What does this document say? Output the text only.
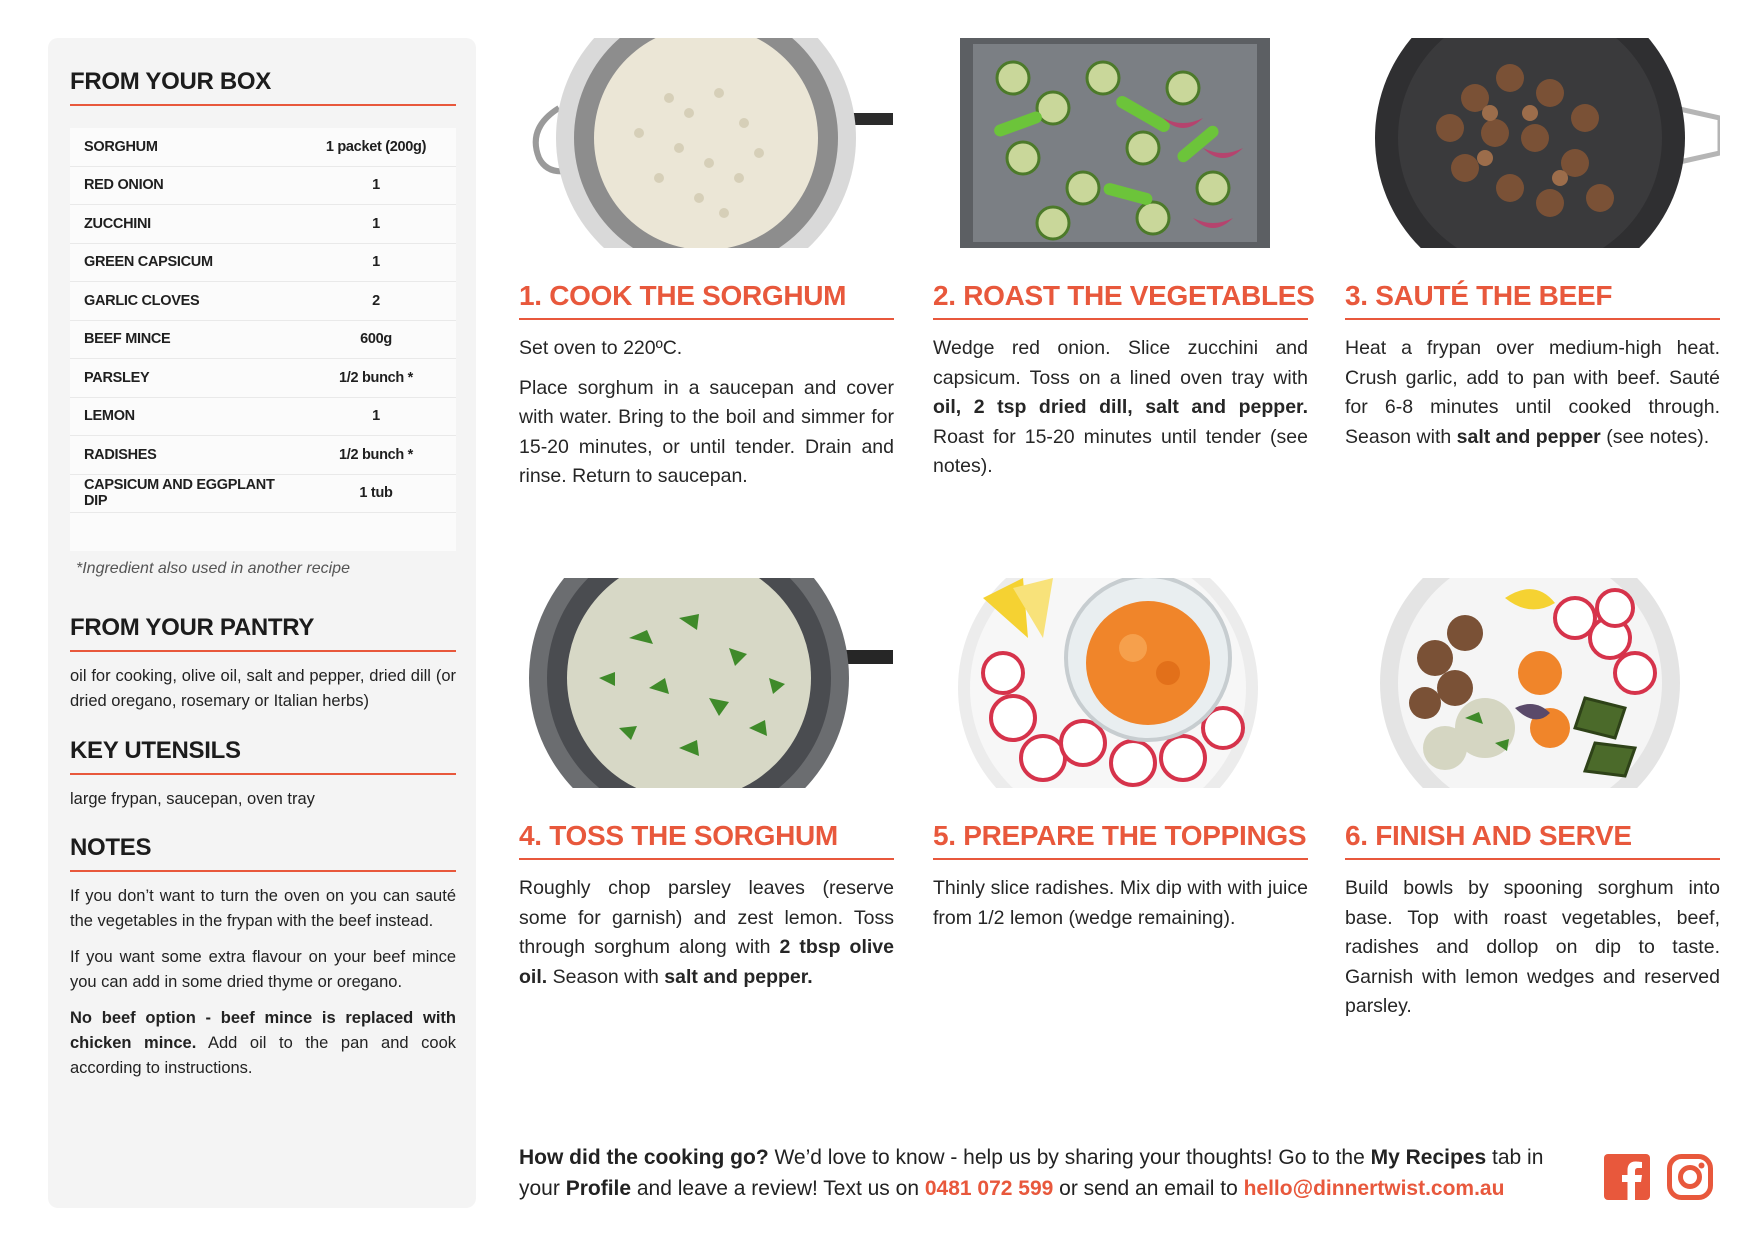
FROM YOUR BOX
SORGHUM	1 packet (200g)
RED ONION	1
ZUCCHINI	1
GREEN CAPSICUM	1
GARLIC CLOVES	2
BEEF MINCE	600g
PARSLEY	1/2 bunch *
LEMON	1
RADISHES	1/2 bunch *
CAPSICUM AND EGGPLANT DIP	1 tub
*Ingredient also used in another recipe
FROM YOUR PANTRY
oil for cooking, olive oil, salt and pepper, dried dill (or dried oregano, rosemary or Italian herbs)
KEY UTENSILS
large frypan, saucepan, oven tray
NOTES

If you don’t want to turn the oven on you can sauté the vegetables in the frypan with the beef instead.

If you want some extra flavour on your beef mince you can add in some dried thyme or oregano.

No beef option - beef mince is replaced with chicken mince. Add oil to the pan and cook according to instructions.

1. COOK THE SORGHUM

Set oven to 220ºC.

Place sorghum in a saucepan and cover with water. Bring to the boil and simmer for 15-20 minutes, or until tender. Drain and rinse. Return to saucepan.

2. ROAST THE VEGETABLES

Wedge red onion. Slice zucchini and capsicum. Toss on a lined oven tray with oil, 2 tsp dried dill, salt and pepper. Roast for 15-20 minutes until tender (see notes).

3. SAUTÉ THE BEEF

Heat a frypan over medium-high heat. Crush garlic, add to pan with beef. Sauté for 6-8 minutes until cooked through. Season with salt and pepper (see notes).

4. TOSS THE SORGHUM

Roughly chop parsley leaves (reserve some for garnish) and zest lemon. Toss through sorghum along with 2 tbsp olive oil. Season with salt and pepper.

5. PREPARE THE TOPPINGS

Thinly slice radishes. Mix dip with with juice from 1/2 lemon (wedge remaining).

6. FINISH AND SERVE

Build bowls by spooning sorghum into base. Top with roast vegetables, beef, radishes and dollop on dip to taste. Garnish with lemon wedges and reserved parsley.

How did the cooking go? We’d love to know - help us by sharing your thoughts! Go to the My Recipes tab in your Profile and leave a review! Text us on 0481 072 599 or send an email to hello@dinnertwist.com.au
